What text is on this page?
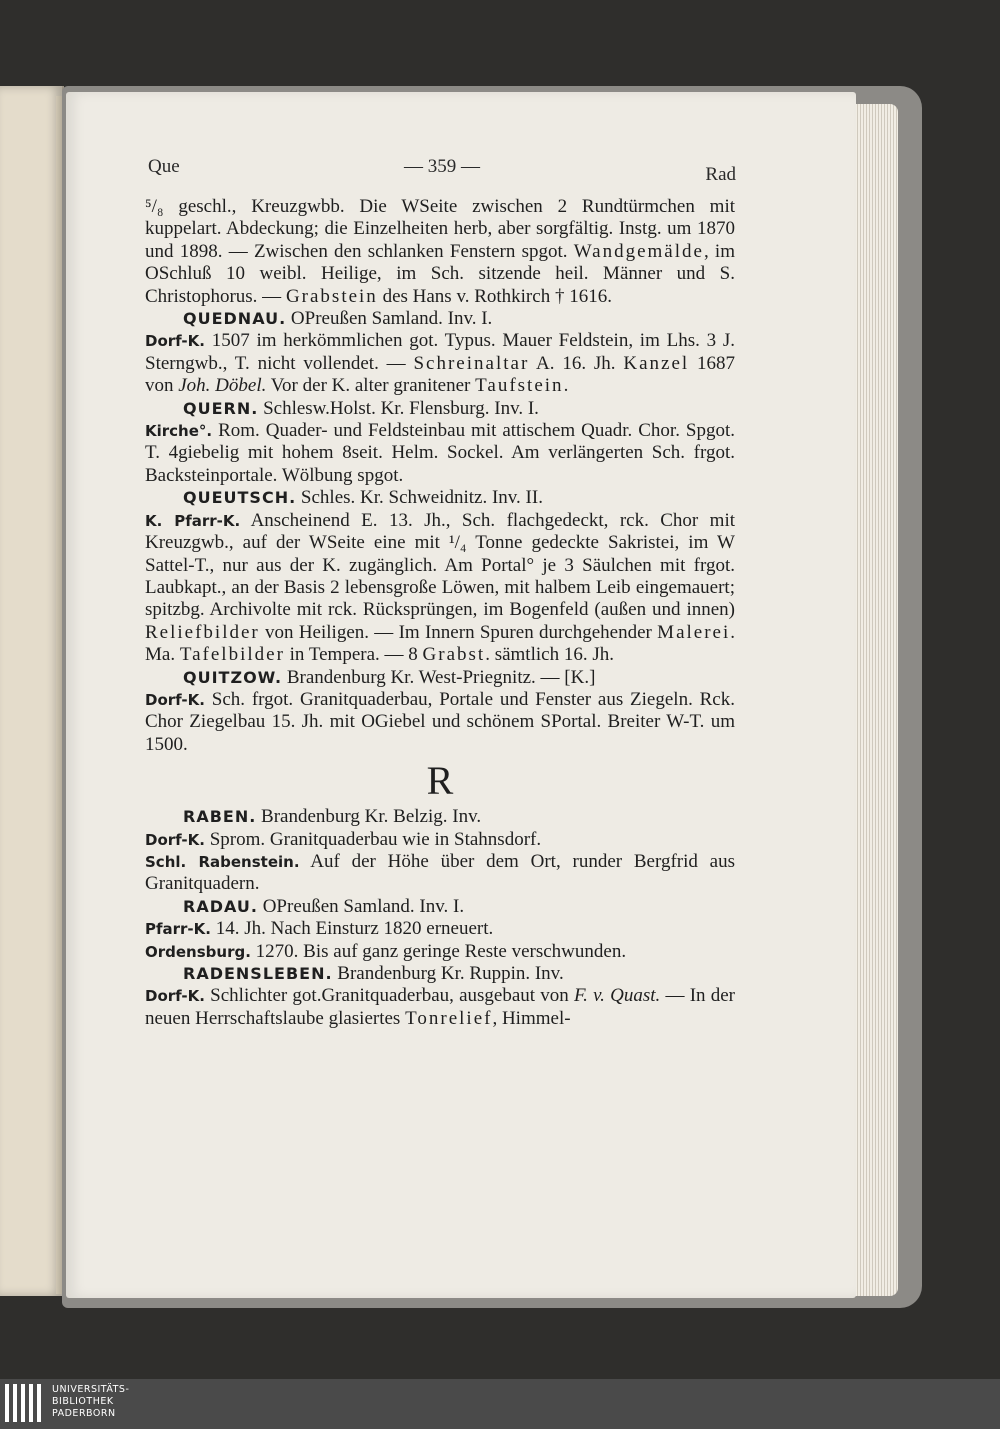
Que	— 359 —	Rad

⁵/₈ geschl., Kreuzgwbb. Die WSeite zwischen 2 Rundtürmchen mit kuppelart. Abdeckung; die Einzelheiten herb, aber sorgfältig. Instg. um 1870 und 1898. — Zwischen den schlanken Fenstern spgot. Wandgemälde, im OSchluß 10 weibl. Heilige, im Sch. sitzende heil. Männer und S. Christophorus. — Grabstein des Hans v. Rothkirch † 1616.

QUEDNAU. OPreußen Samland. Inv. I.
Dorf-K. 1507 im herkömmlichen got. Typus. Mauer Feldstein, im Lhs. 3 J. Sterngwb., T. nicht vollendet. — Schreinaltar A. 16. Jh. Kanzel 1687 von Joh. Döbel. Vor der K. alter granitener Taufstein.

QUERN. Schlesw.Holst. Kr. Flensburg. Inv. I.
Kirche°. Rom. Quader- und Feldsteinbau mit attischem Quadr. Chor. Spgot. T. 4giebelig mit hohem 8seit. Helm. Sockel. Am verlängerten Sch. frgot. Backsteinportale. Wölbung spgot.

QUEUTSCH. Schles. Kr. Schweidnitz. Inv. II.
K. Pfarr-K. Anscheinend E. 13. Jh., Sch. flachgedeckt, rck. Chor mit Kreuzgwb., auf der WSeite eine mit ¹/₄ Tonne gedeckte Sakristei, im W Sattel-T., nur aus der K. zugänglich. Am Portal° je 3 Säulchen mit frgot. Laubkapt., an der Basis 2 lebensgroße Löwen, mit halbem Leib eingemauert; spitzbg. Archivolte mit rck. Rücksprüngen, im Bogenfeld (außen und innen) Reliefbilder von Heiligen. — Im Innern Spuren durchgehender Malerei. Ma. Tafelbilder in Tempera. — 8 Grabst. sämtlich 16. Jh.

QUITZOW. Brandenburg Kr. West-Priegnitz. — [K.]
Dorf-K. Sch. frgot. Granitquaderbau, Portale und Fenster aus Ziegeln. Rck. Chor Ziegelbau 15. Jh. mit OGiebel und schönem SPortal. Breiter W-T. um 1500.

R

RABEN. Brandenburg Kr. Belzig. Inv.
Dorf-K. Sprom. Granitquaderbau wie in Stahnsdorf.
Schl. Rabenstein. Auf der Höhe über dem Ort, runder Bergfrid aus Granitquadern.

RADAU. OPreußen Samland. Inv. I.
Pfarr-K. 14. Jh. Nach Einsturz 1820 erneuert.
Ordensburg. 1270. Bis auf ganz geringe Reste verschwunden.

RADENSLEBEN. Brandenburg Kr. Ruppin. Inv.
Dorf-K. Schlichter got.Granitquaderbau, ausgebaut von F. v. Quast. — In der neuen Herrschaftslaube glasiertes Tonrelief, Himmel-

UNIVERSITÄTS-
BIBLIOTHEK
PADERBORN
